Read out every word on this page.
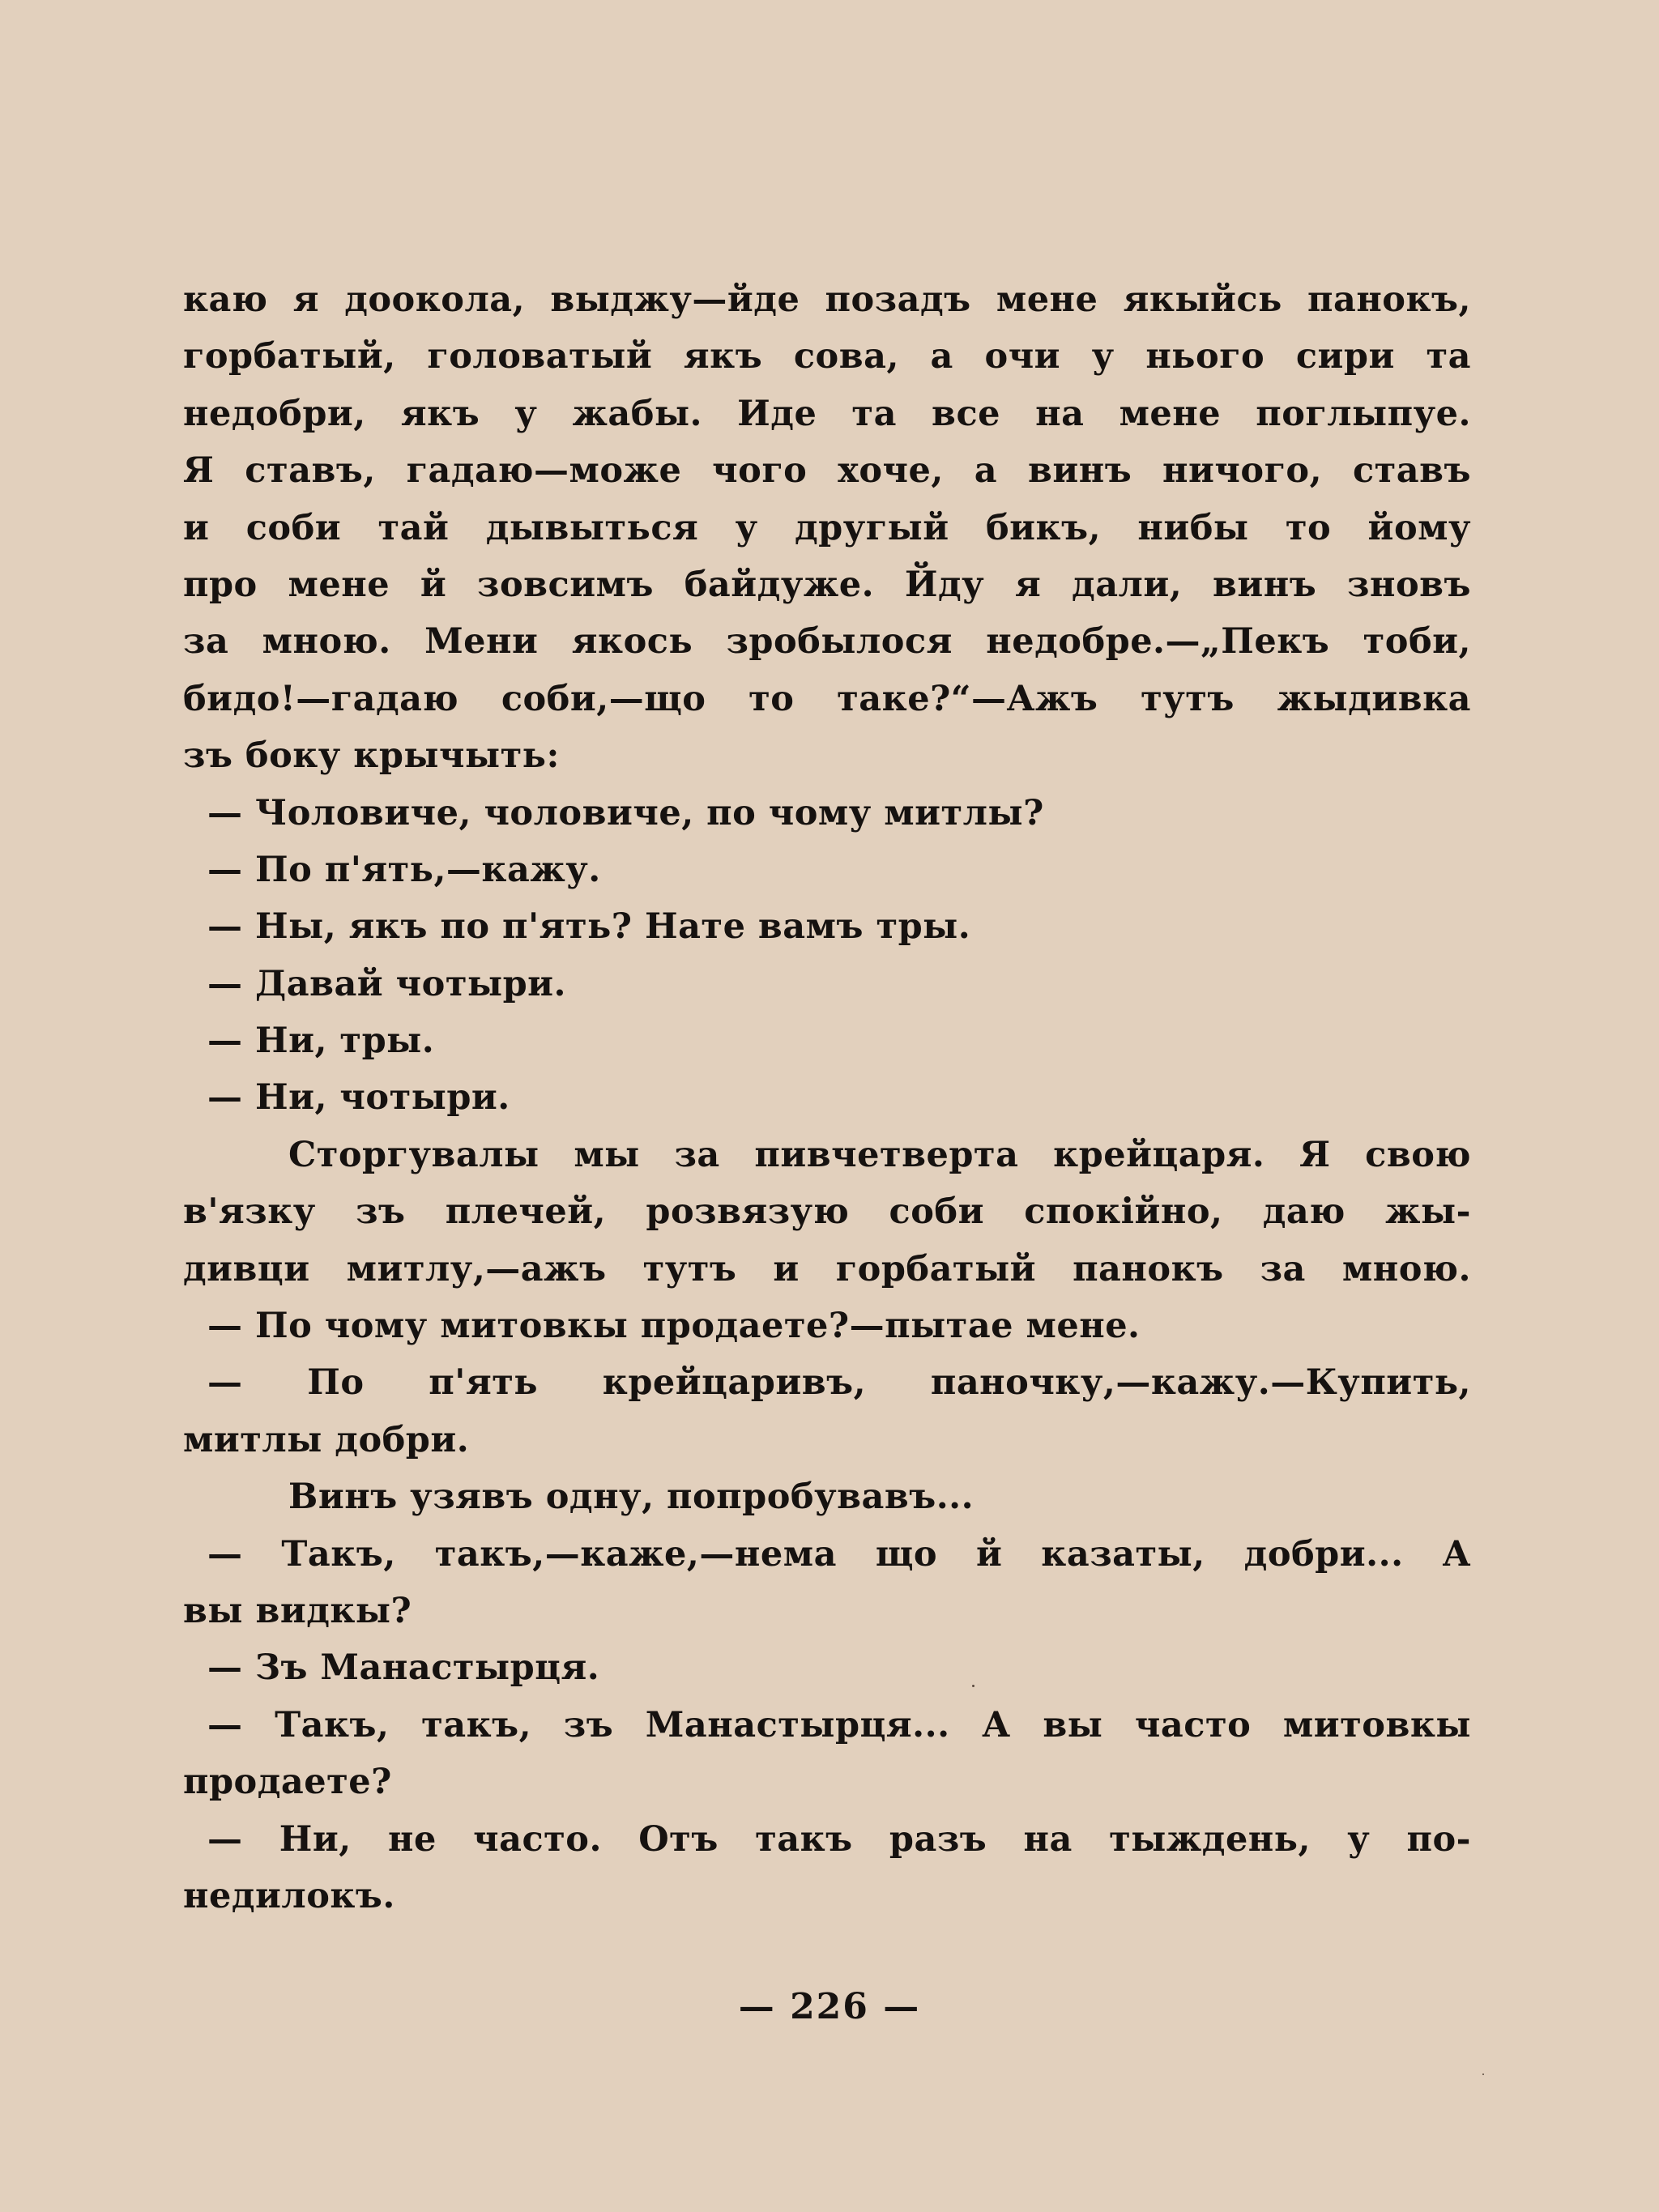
каю я доокола, выджу—йде позадъ мене якыйсь панокъ,
горбатый, головатый якъ сова, а очи у нього сири та
недобри, якъ у жабы. Иде та все на мене поглыпуе.
Я ставъ, гадаю—може чого хоче, а винъ ничого, ставъ
и соби тай дывыться у другый бикъ, нибы то йому
про мене й зовсимъ байдуже. Йду я дали, винъ зновъ
за мною. Мени якось зробылося недобре.—„Пекъ тоби,
бидо!—гадаю соби,—що то таке?“—Ажъ тутъ жыдивка
зъ боку крычыть:
— Чоловиче, чоловиче, по чому митлы?
— По п'ять,—кажу.
— Ны, якъ по п'ять? Нате вамъ тры.
— Давай чотыри.
— Ни, тры.
— Ни, чотыри.
Сторгувалы мы за пивчетверта крейцаря. Я свою
в'язку зъ плечей, розвязую соби спокійно, даю жы-
дивци митлу,—ажъ тутъ и горбатый панокъ за мною.
— По чому митовкы продаете?—пытае мене.
— По п'ять крейцаривъ, паночку,—кажу.—Купить,
митлы добри.
Винъ узявъ одну, попробувавъ...
— Такъ, такъ,—каже,—нема що й казаты, добри... А
вы видкы?
— Зъ Манастырця.
— Такъ, такъ, зъ Манастырця... А вы часто митовкы
продаете?
— Ни, не часто. Отъ такъ разъ на тыждень, у по-
недилокъ.
— 226 —
